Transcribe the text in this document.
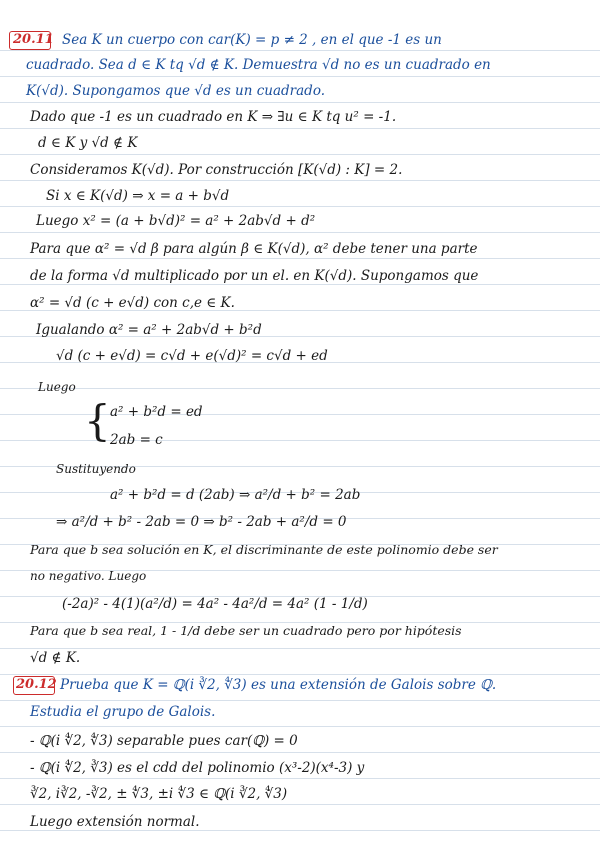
20.11 Sea K un cuerpo con car(K) = p ≠ 2 , en el que -1 es un
cuadrado. Sea d ∈ K tq √d ∉ K. Demuestra √d no es un cuadrado en
K(√d). Supongamos que √d es un cuadrado.
Dado que -1 es un cuadrado en K ⇒ ∃u ∈ K tq u² = -1.
d ∈ K y √d ∉ K
Consideramos K(√d). Por construcción [K(√d) : K] = 2.
Si x ∈ K(√d) ⇒ x = a + b√d
Luego x² = (a + b√d)² = a² + 2ab√d + d²
Para que α² = √d β para algún β ∈ K(√d), α² debe tener una parte
de la forma √d multiplicado por un el. en K(√d). Supongamos que
α² = √d (c + e√d) con c,e ∈ K.
Igualando α² = a² + 2ab√d + b²d
√d (c + e√d) = c√d + e(√d)² = c√d + ed
Luego
{ a² + b²d = ed
2ab = c
Sustituyendo
a² + b²d = d (2ab) ⇒ a²/d + b² = 2ab
⇒ a²/d + b² - 2ab = 0 ⇒ b² - 2ab + a²/d = 0
Para que b sea solución en K, el discriminante de este polinomio debe ser
no negativo. Luego
(-2a)² - 4(1)(a²/d) = 4a² - 4a²/d = 4a² (1 - 1/d)
Para que b sea real, 1 - 1/d debe ser un cuadrado pero por hipótesis
√d ∉ K.
20.12 Prueba que K = ℚ(i ∛2, ∜3) es una extensión de Galois sobre ℚ.
Estudia el grupo de Galois.
- ℚ(i ∜2, ∜3) separable pues car(ℚ) = 0
- ℚ(i ∜2, ∛3) es el cdd del polinomio (x³-2)(x⁴-3) y
∛2, i∛2, -∛2, ± ∜3, ±i ∜3 ∈ ℚ(i ∛2, ∜3)
Luego extensión normal.
